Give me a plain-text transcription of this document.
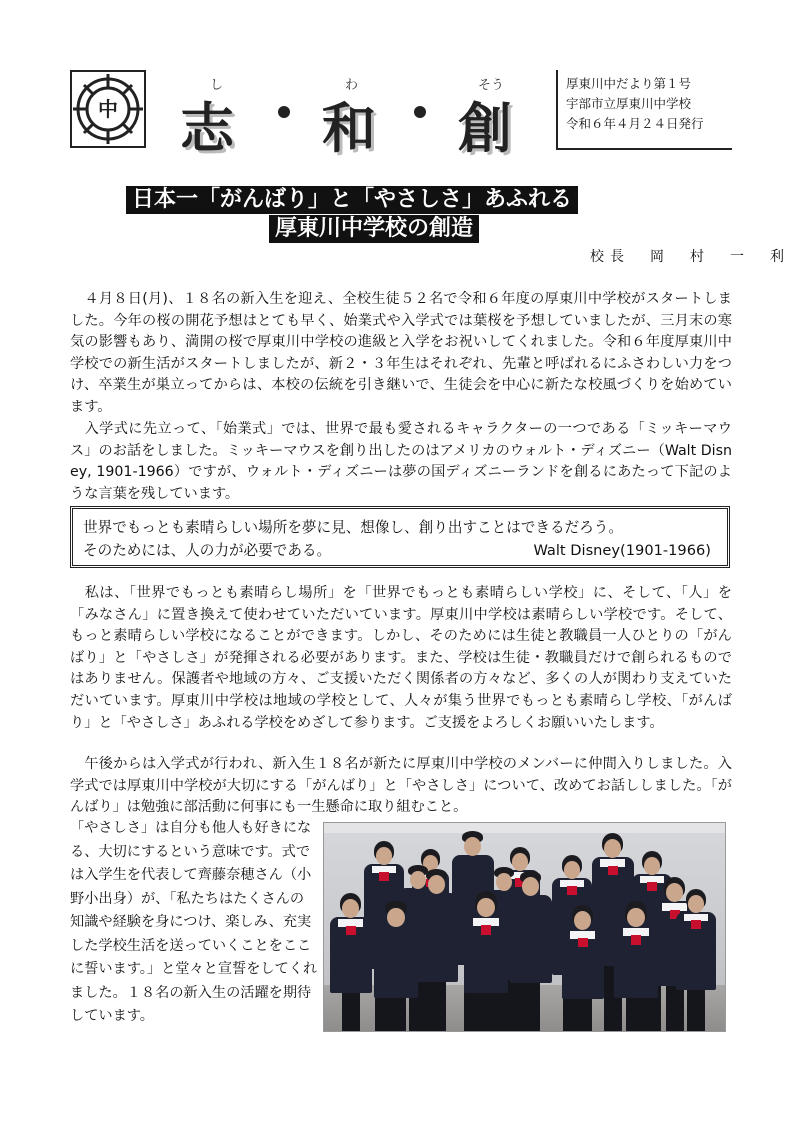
中
し	わ	そう
志 和 創
厚東川中だより第１号
宇部市立厚東川中学校
令和６年４月２４日発行
日本一「がんばり」と「やさしさ」あふれる
厚東川中学校の創造
校長　岡　村　一　利

　４月８日(月)、１８名の新入生を迎え、全校生徒５２名で令和６年度の厚東川中学校がスタートしました。今年の桜の開花予想はとても早く、始業式や入学式では葉桜を予想していましたが、三月末の寒気の影響もあり、満開の桜で厚東川中学校の進級と入学をお祝いしてくれました。令和６年度厚東川中学校での新生活がスタートしましたが、新２・３年生はそれぞれ、先輩と呼ばれるにふさわしい力をつけ、卒業生が巣立ってからは、本校の伝統を引き継いで、生徒会を中心に新たな校風づくりを始めています。

　入学式に先立って、「始業式」では、世界で最も愛されるキャラクターの一つである「ミッキーマウス」のお話をしました。ミッキーマウスを創り出したのはアメリカのウォルト・ディズニー（Walt Disney, 1901-1966）ですが、ウォルト・ディズニーは夢の国ディズニーランドを創るにあたって下記のような言葉を残しています。

世界でもっとも素晴らしい場所を夢に見、想像し、創り出すことはできるだろう。
そのためには、人の力が必要である。	Walt Disney(1901-1966)

　私は、「世界でもっとも素晴らし場所」を「世界でもっとも素晴らしい学校」に、そして、「人」を「みなさん」に置き換えて使わせていただいています。厚東川中学校は素晴らしい学校です。そして、もっと素晴らしい学校になることができます。しかし、そのためには生徒と教職員一人ひとりの「がんばり」と「やさしさ」が発揮される必要があります。また、学校は生徒・教職員だけで創られるものではありません。保護者や地域の方々、ご支援いただく関係者の方々など、多くの人が関わり支えていただいています。厚東川中学校は地域の学校として、人々が集う世界でもっとも素晴らし学校、「がんばり」と「やさしさ」あふれる学校をめざして参ります。ご支援をよろしくお願いいたします。

　午後からは入学式が行われ、新入生１８名が新たに厚東川中学校のメンバーに仲間入りしました。入学式では厚東川中学校が大切にする「がんばり」と「やさしさ」について、改めてお話ししました。「がんばり」は勉強に部活動に何事にも一生懸命に取り組むこと。

「やさしさ」は自分も他人も好きになる、大切にするという意味です。式では入学生を代表して齊藤奈穂さん（小野小出身）が、「私たちはたくさんの知識や経験を身につけ、楽しみ、充実した学校生活を送っていくことをここに誓います。」と堂々と宣誓をしてくれました。１８名の新入生の活躍を期待しています。
